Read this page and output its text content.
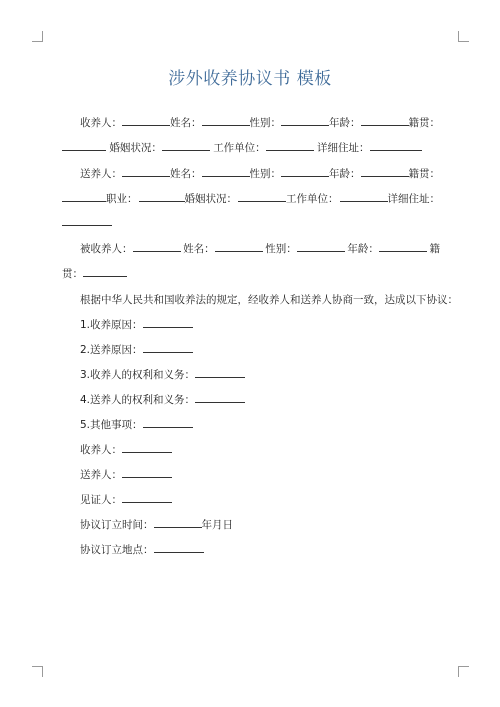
涉外收养协议书 模板
收养人：	姓名：	性别：	年龄：	籍贯：
婚姻状况：	工作单位：	详细住址：
送养人：	姓名：	性别：	年龄：	籍贯：
职业：	婚姻状况：	工作单位：	详细住址：
被收养人：	姓名：	性别：	年龄：	籍
贯：
根据中华人民共和国收养法的规定，经收养人和送养人协商一致，达成以下协议：
1.收养原因：
2.送养原因：
3.收养人的权利和义务：
4.送养人的权利和义务：
5.其他事项：
收养人：
送养人：
见证人：
协议订立时间：	年月日
协议订立地点：
